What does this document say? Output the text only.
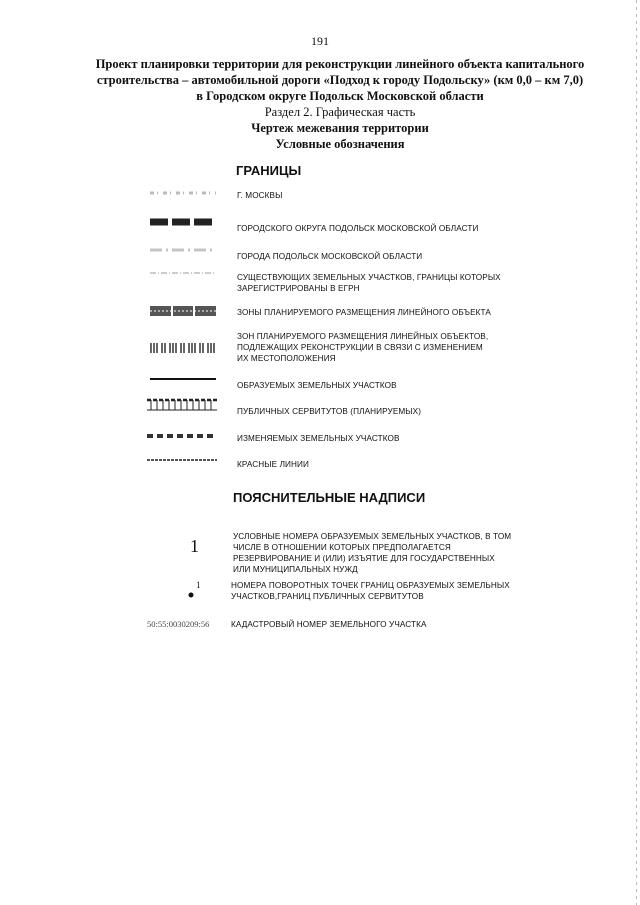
191
Проект планировки территории для реконструкции линейного объекта капитального
строительства – автомобильной дороги «Подход к городу Подольску» (км 0,0 – км 7,0)
в Городском округе Подольск Московской области
Раздел 2. Графическая часть
Чертеж межевания территории
Условные обозначения
ГРАНИЦЫ
Г. МОСКВЫ
ГОРОДСКОГО ОКРУГА ПОДОЛЬСК МОСКОВСКОЙ ОБЛАСТИ
ГОРОДА ПОДОЛЬСК МОСКОВСКОЙ ОБЛАСТИ
СУЩЕСТВУЮЩИХ ЗЕМЕЛЬНЫХ УЧАСТКОВ, ГРАНИЦЫ КОТОРЫХ
ЗАРЕГИСТРИРОВАНЫ В ЕГРН
ЗОНЫ ПЛАНИРУЕМОГО РАЗМЕЩЕНИЯ ЛИНЕЙНОГО ОБЪЕКТА
ЗОН ПЛАНИРУЕМОГО РАЗМЕЩЕНИЯ ЛИНЕЙНЫХ ОБЪЕКТОВ,
ПОДЛЕЖАЩИХ РЕКОНСТРУКЦИИ В СВЯЗИ С ИЗМЕНЕНИЕМ
ИХ МЕСТОПОЛОЖЕНИЯ
ОБРАЗУЕМЫХ ЗЕМЕЛЬНЫХ УЧАСТКОВ
ПУБЛИЧНЫХ СЕРВИТУТОВ (ПЛАНИРУЕМЫХ)
ИЗМЕНЯЕМЫХ ЗЕМЕЛЬНЫХ УЧАСТКОВ
КРАСНЫЕ ЛИНИИ
ПОЯСНИТЕЛЬНЫЕ НАДПИСИ
1	УСЛОВНЫЕ НОМЕРА ОБРАЗУЕМЫХ ЗЕМЕЛЬНЫХ УЧАСТКОВ, В ТОМ
ЧИСЛЕ В ОТНОШЕНИИ КОТОРЫХ ПРЕДПОЛАГАЕТСЯ
РЕЗЕРВИРОВАНИЕ И (ИЛИ) ИЗЪЯТИЕ ДЛЯ ГОСУДАРСТВЕННЫХ
ИЛИ МУНИЦИПАЛЬНЫХ НУЖД
1	НОМЕРА ПОВОРОТНЫХ ТОЧЕК ГРАНИЦ ОБРАЗУЕМЫХ ЗЕМЕЛЬНЫХ
УЧАСТКОВ,ГРАНИЦ ПУБЛИЧНЫХ СЕРВИТУТОВ
50:55:0030209:56	КАДАСТРОВЫЙ НОМЕР ЗЕМЕЛЬНОГО УЧАСТКА
